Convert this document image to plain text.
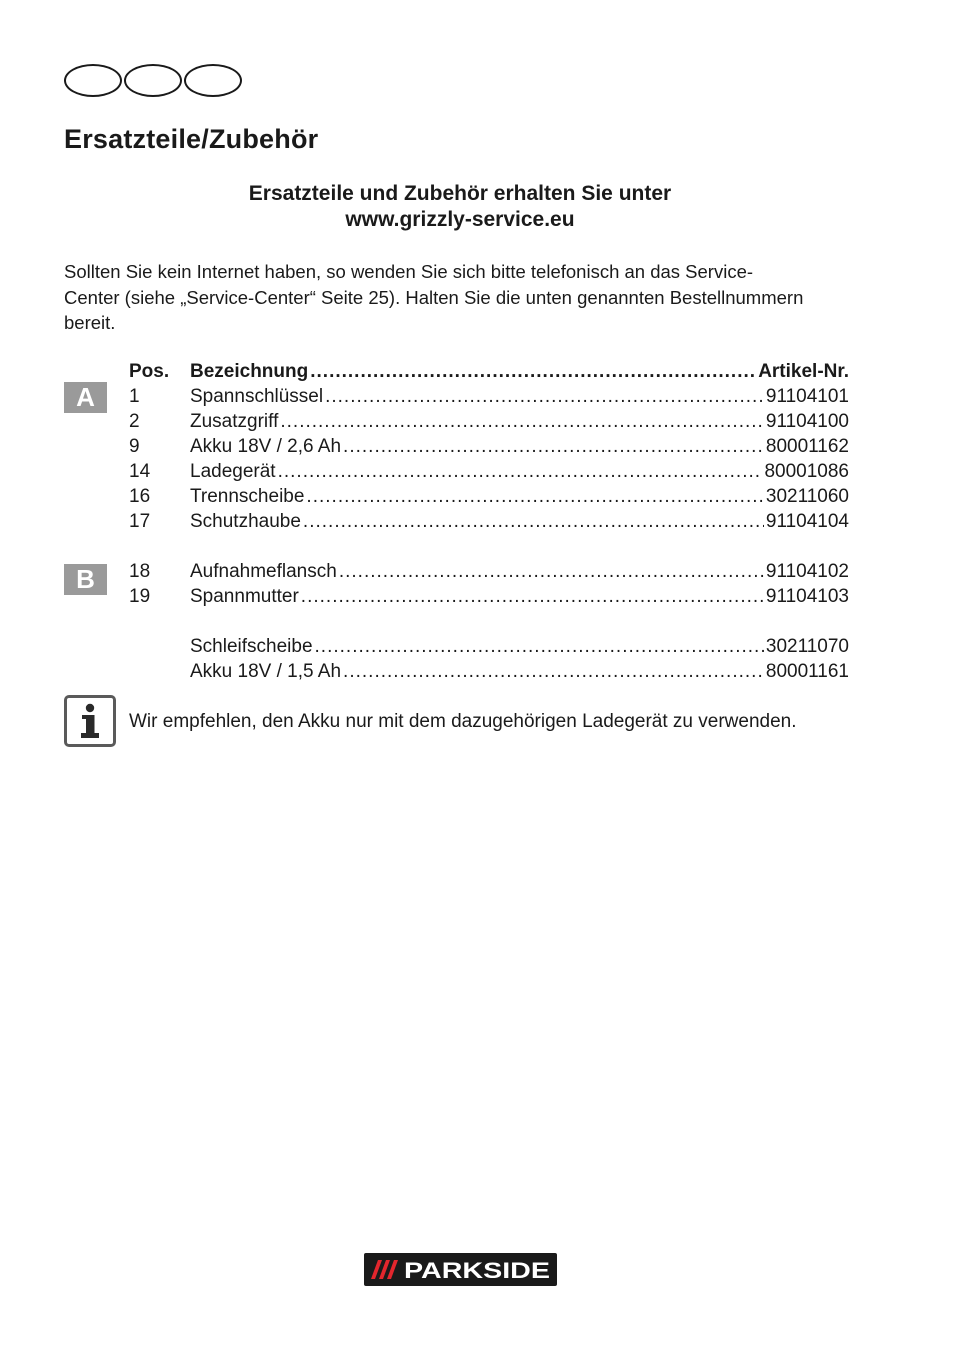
Ersatzteile/Zubehör
Ersatzteile und Zubehör erhalten Sie unter
www.grizzly-service.eu

Sollten Sie kein Internet haben, so wenden Sie sich bitte telefonisch an das Service-
Center (siehe „Service-Center“ Seite 25). Halten Sie die unten genannten Bestellnummern
bereit.

A
B
Pos.	Bezeichnung .....	Artikel-Nr.
1	Spannschlüssel .....	91104101
2	Zusatzgriff .....	91104100
9	Akku 18V / 2,6 Ah .....	80001162
14	Ladegerät .....	80001086
16	Trennscheibe .....	30211060
17	Schutzhaube .....	91104104
18	Aufnahmeflansch .....	91104102
19	Spannmutter .....	91104103
Schleifscheibe .....	30211070
Akku 18V / 1,5 Ah .....	80001161
Wir empfehlen, den Akku nur mit dem dazugehörigen Ladegerät zu verwenden.
PARKSIDE
